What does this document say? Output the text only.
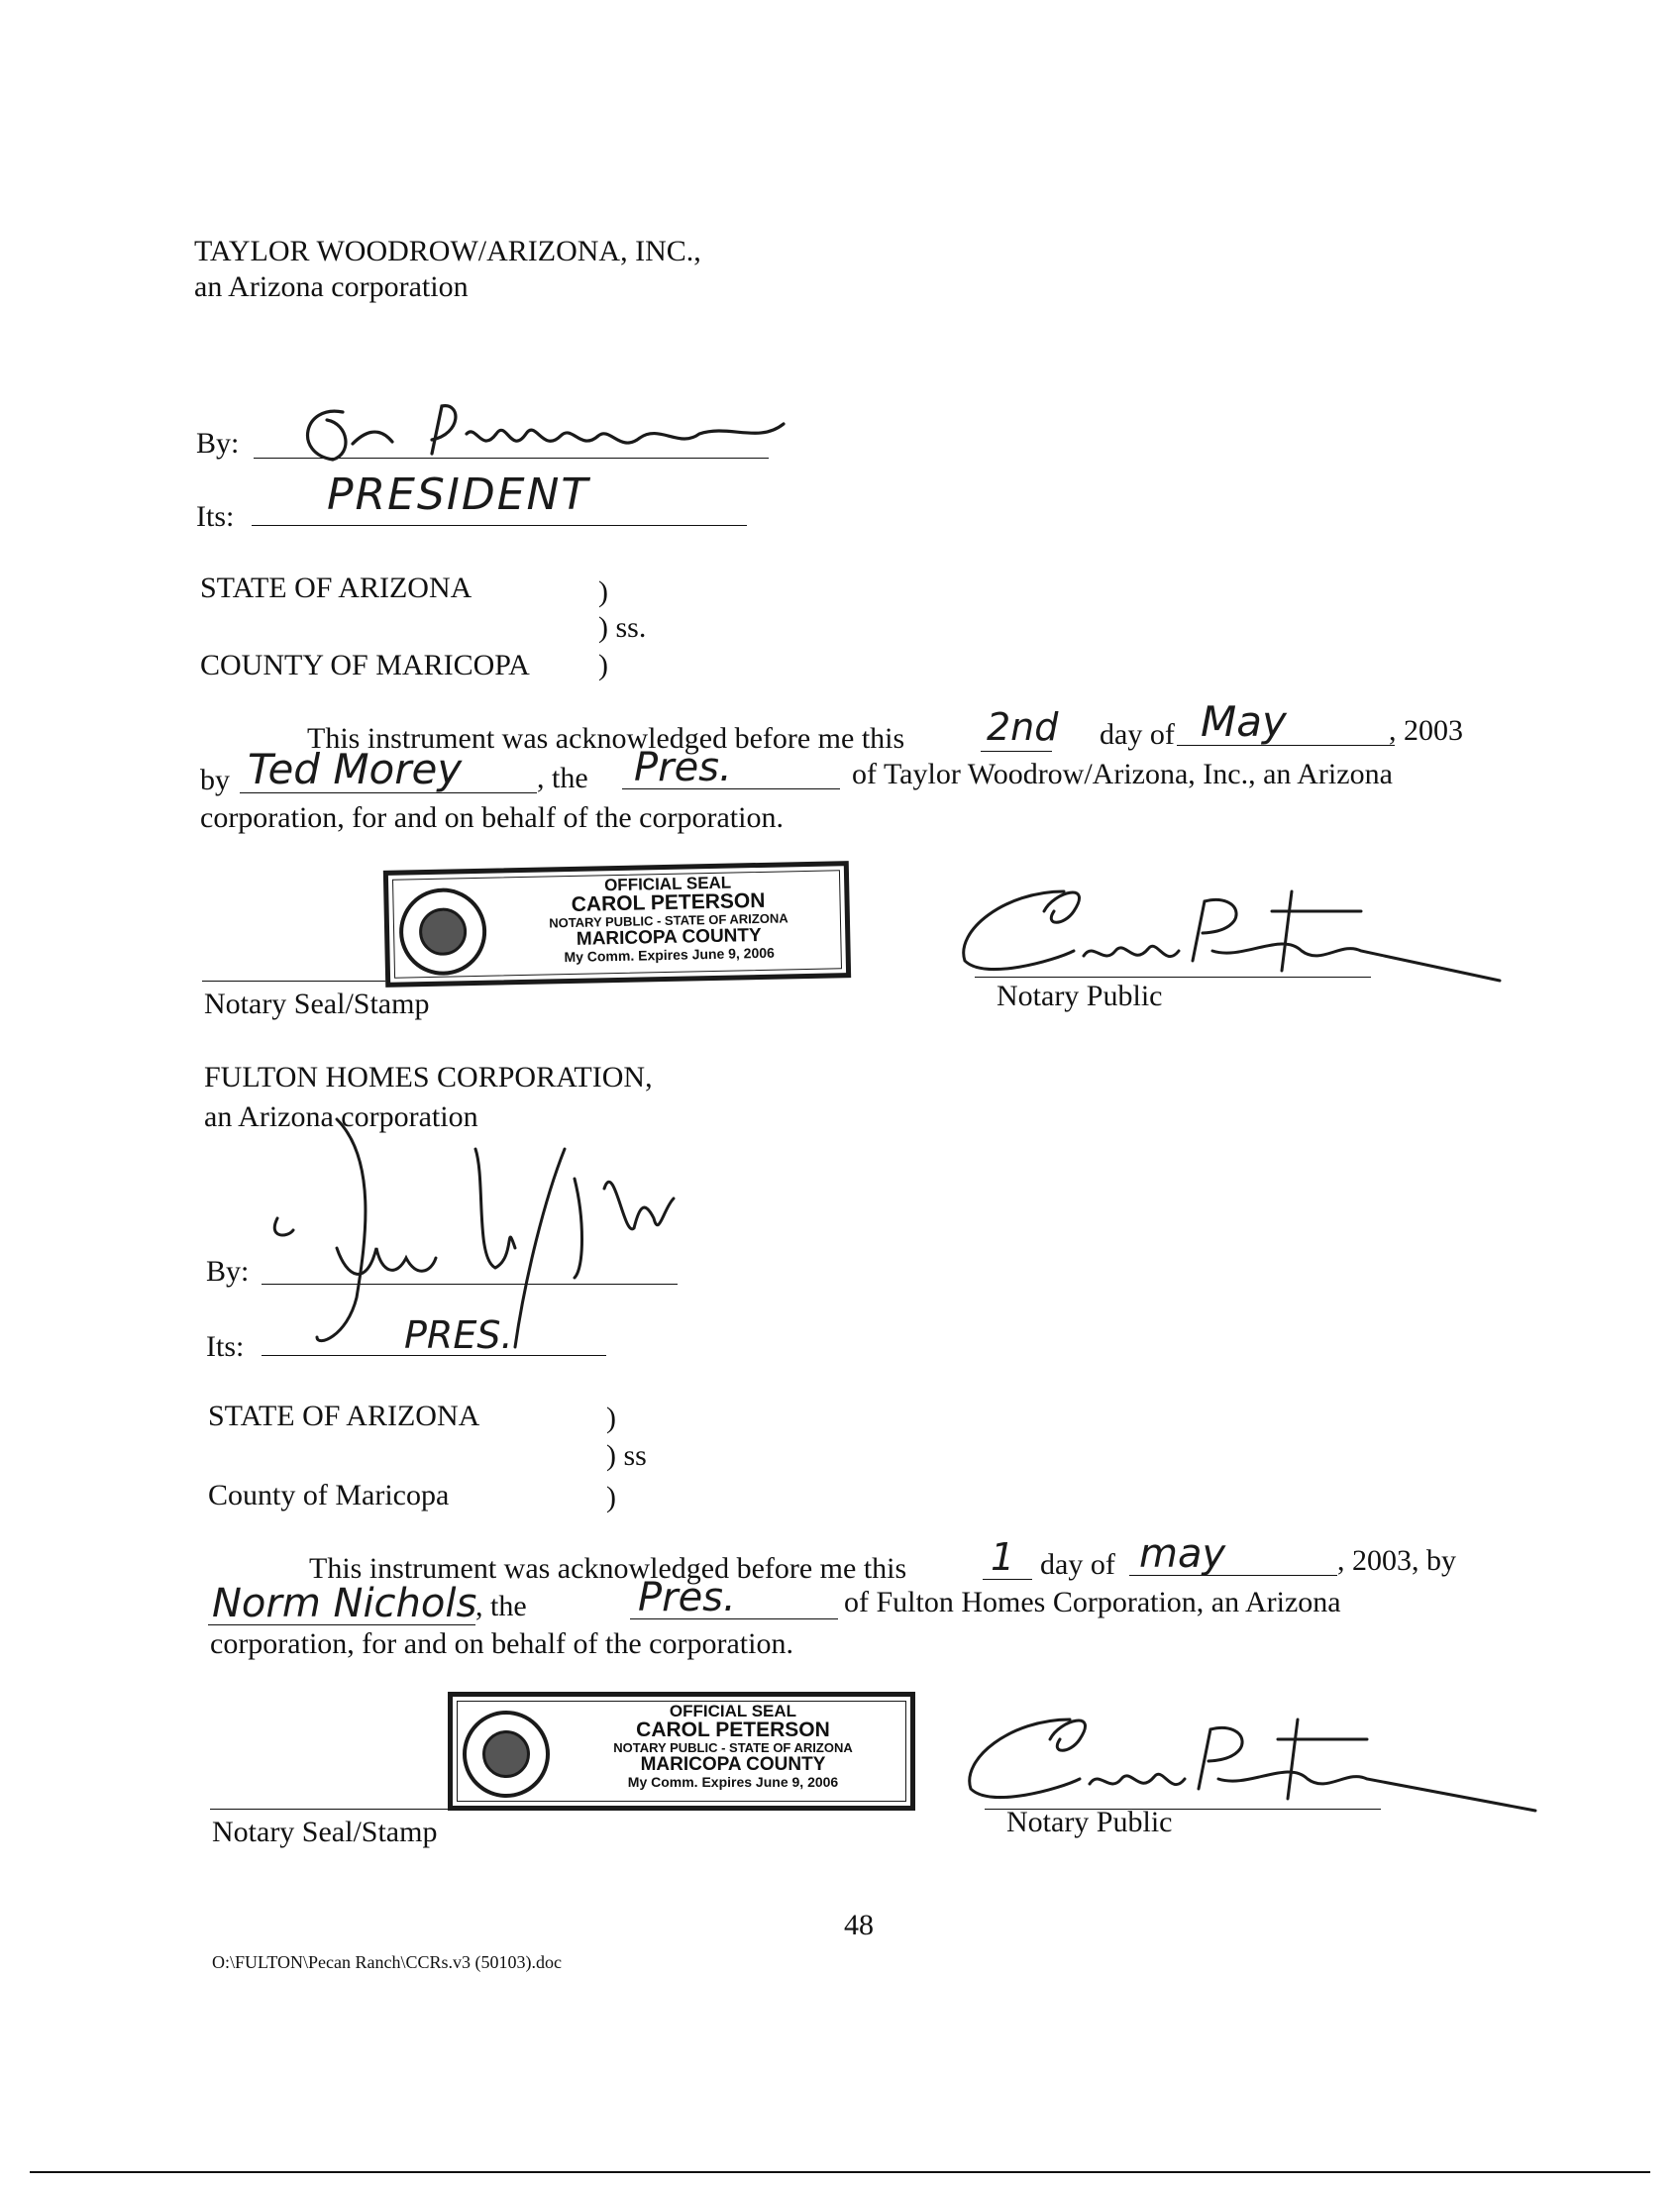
TAYLOR WOODROW/ARIZONA, INC.,
an Arizona corporation
By:
Its: PRESIDENT
STATE OF ARIZONA	)
) ss.
COUNTY OF MARICOPA )
This instrument was acknowledged before me this 2nd day of May	, 2003
by Ted Morey	, the Pres.	of Taylor Woodrow/Arizona, Inc., an Arizona
corporation, for and on behalf of the corporation.
OFFICIAL SEAL
CAROL PETERSON
NOTARY PUBLIC - STATE OF ARIZONA
MARICOPA COUNTY
My Comm. Expires June 9, 2006
Notary Seal/Stamp	Notary Public
FULTON HOMES CORPORATION,
an Arizona corporation
By:
Its:	PRES.
STATE OF ARIZONA	)
) ss
County of Maricopa	)
This instrument was acknowledged before me this 1 day of may	, 2003, by
Norm Nichols
, the	Pres.	of Fulton Homes Corporation, an Arizona
corporation, for and on behalf of the corporation.
OFFICIAL SEAL
CAROL PETERSON
NOTARY PUBLIC - STATE OF ARIZONA
MARICOPA COUNTY
My Comm. Expires June 9, 2006
Notary Seal/Stamp	Notary Public
48
O:\FULTON\Pecan Ranch\CCRs.v3 (50103).doc
